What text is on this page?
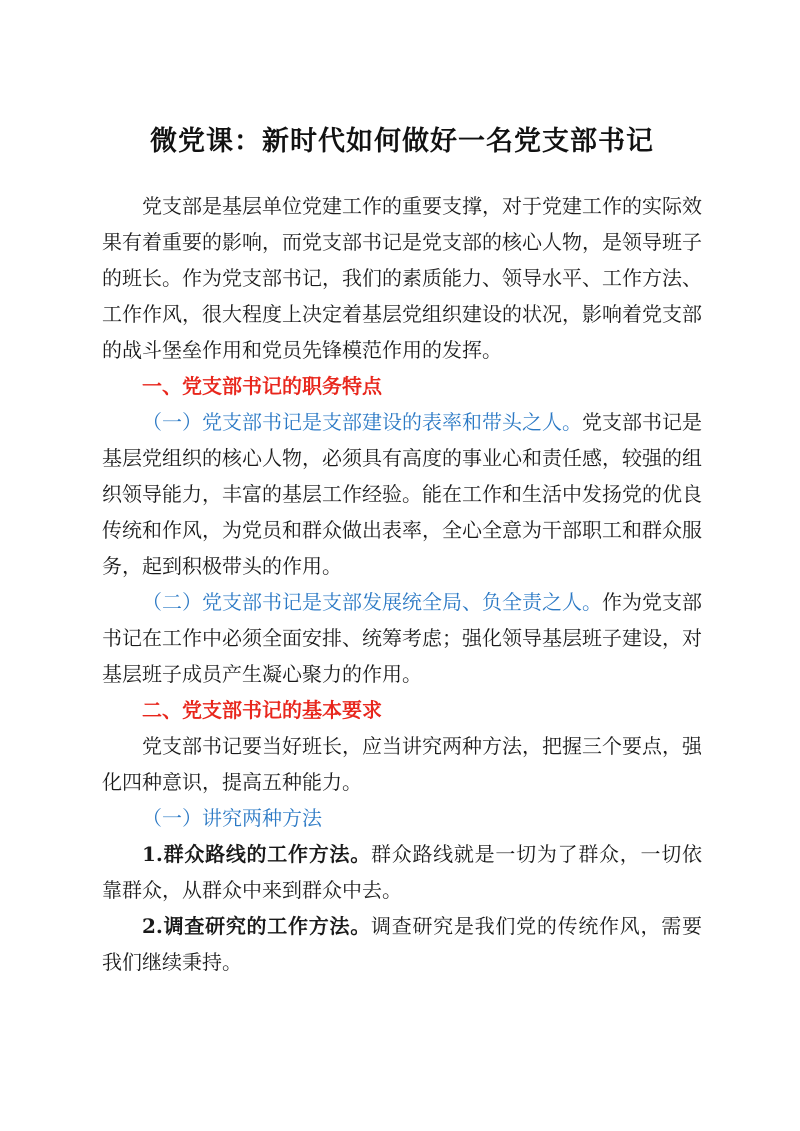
微党课：新时代如何做好一名党支部书记

党支部是基层单位党建工作的重要支撑，对于党建工作的实际效果有着重要的影响，而党支部书记是党支部的核心人物，是领导班子的班长。作为党支部书记，我们的素质能力、领导水平、工作方法、工作作风，很大程度上决定着基层党组织建设的状况，影响着党支部的战斗堡垒作用和党员先锋模范作用的发挥。

一、党支部书记的职务特点

（一）党支部书记是支部建设的表率和带头之人。党支部书记是基层党组织的核心人物，必须具有高度的事业心和责任感，较强的组织领导能力，丰富的基层工作经验。能在工作和生活中发扬党的优良传统和作风，为党员和群众做出表率，全心全意为干部职工和群众服务，起到积极带头的作用。

（二）党支部书记是支部发展统全局、负全责之人。作为党支部书记在工作中必须全面安排、统筹考虑；强化领导基层班子建设，对基层班子成员产生凝心聚力的作用。

二、党支部书记的基本要求

党支部书记要当好班长，应当讲究两种方法，把握三个要点，强化四种意识，提高五种能力。

（一）讲究两种方法

1.群众路线的工作方法。群众路线就是一切为了群众，一切依靠群众，从群众中来到群众中去。

2.调查研究的工作方法。调查研究是我们党的传统作风，需要我们继续秉持。
